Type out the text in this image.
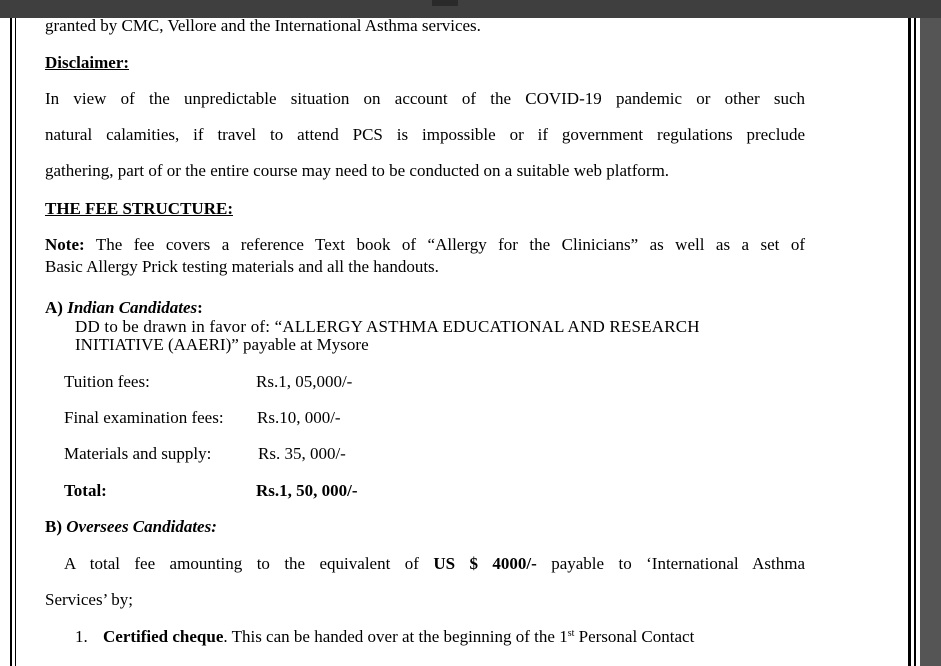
granted by CMC, Vellore and the International Asthma services.
Disclaimer:
In view of the unpredictable situation on account of the COVID-19 pandemic or other such
natural calamities, if travel to attend PCS is impossible or if government regulations preclude
gathering, part of or the entire course may need to be conducted on a suitable web platform.
THE FEE STRUCTURE:
Note: The fee covers a reference Text book of “Allergy for the Clinicians” as well as a set of
Basic Allergy Prick testing materials and all the handouts.
A) Indian Candidates:
DD to be drawn in favor of: “ALLERGY ASTHMA EDUCATIONAL AND RESEARCH
INITIATIVE (AAERI)” payable at Mysore
Tuition fees:	Rs.1, 05,000/-
Final examination fees: Rs.10, 000/-
Materials and supply:	Rs. 35, 000/-
Total:	Rs.1, 50, 000/-
B) Oversees Candidates:
A total fee amounting to the equivalent of US $ 4000/- payable to ‘International Asthma
Services’ by;
1. Certified cheque. This can be handed over at the beginning of the 1st Personal Contact
